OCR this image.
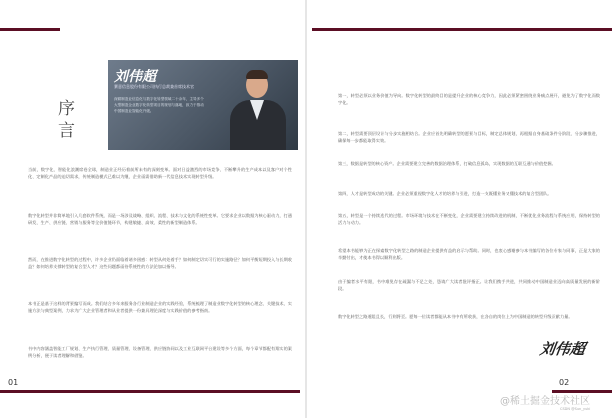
刘伟超
赛意信息股份有限公司执行总裁兼首席技术官
深耕制造业信息化与数字化转型领域二十余年，主导多个大型制造企业数字化转型项目的规划与落地，致力于推动中国制造业智能化升级。
序
言

当前，数字化、智能化浪潮席卷全球，制造业正经历着前所未有的深刻变革。面对日益激烈的市场竞争、不断攀升的生产成本以及客户对个性化、定制化产品的迫切需求，传统制造模式已难以为继，企业亟需借助新一代信息技术实现转型升级。

数字化转型并非简单地引入几套软件系统，而是一场涉及战略、组织、流程、技术与文化的系统性变革。它要求企业以数据为核心驱动力，打通研发、生产、供应链、营销与服务等全价值链环节，构建敏捷、高效、柔性的新型制造体系。

然而，在推进数字化转型的过程中，许多企业仍面临着诸多困惑：转型从何处着手？如何制定切实可行的实施路径？如何平衡短期投入与长期收益？如何培养支撑转型的复合型人才？这些问题都亟待系统性的方法论加以指导。

本书正是基于这样的背景编写而成。我们结合多年来服务各行业制造企业的实践经验，系统梳理了制造业数字化转型的核心理念、关键技术、实施方法与典型案例，力求为广大企业管理者和从业者提供一份兼具理论深度与实践价值的参考指南。

书中内容涵盖智能工厂规划、生产执行管理、质量管理、设备管理、供应链协同以及工业互联网平台建设等多个方面，每个章节都配有翔实的案例分析，便于读者理解和借鉴。

01

第一，转型必须以业务价值为导向。数字化转型的最终目的是提升企业的核心竞争力，因此必须紧密围绕业务痛点展开，避免为了数字化而数字化。

第二，转型需要顶层设计与分步实施相结合。企业应首先明确转型的愿景与目标，制定总体规划，再根据自身基础条件分阶段、分步骤推进，确保每一步都能取得实效。

第三，数据是转型的核心资产。企业需要建立完善的数据治理体系，打破信息孤岛，实现数据的互联互通与价值挖掘。

第四，人才是转型成功的关键。企业必须重视数字化人才的培养与引进，打造一支既懂业务又懂技术的复合型团队。

第五，转型是一个持续迭代的过程。市场环境与技术在不断变化，企业需要建立持续改进的机制，不断优化业务流程与系统应用，保持转型的活力与动力。

希望本书能够为正在探索数字化转型之路的制造企业提供有益的启示与帮助。同时，也衷心感谢参与本书编写的各位专家与同事，正是大家的辛勤付出，才使本书得以顺利出版。

由于编者水平有限，书中难免存在疏漏与不足之处，恳请广大读者批评指正。让我们携手共进，共同推动中国制造业迈向高质量发展的新阶段。

数字化转型之路道阻且长，行则将至。愿每一位读者都能从本书中有所收获，在各自的岗位上为中国制造的转型升级贡献力量。

刘伟超
02
@稀土掘金技术社区
CSDN @Sun_yuki
